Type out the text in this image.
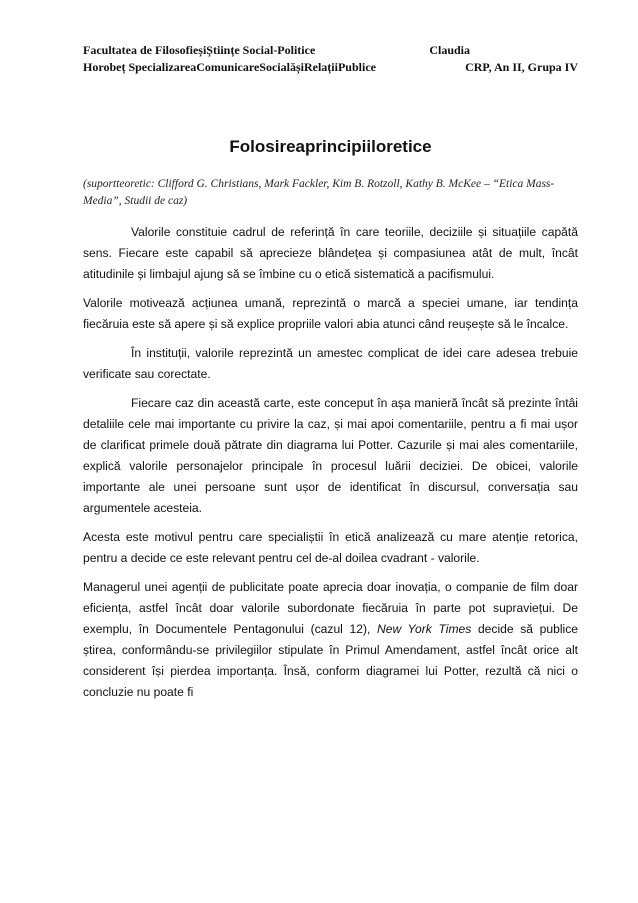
Facultatea de FilosofieșiȘtiințe Social-Politice	Claudia
Horobeț SpecializareaComunicareSocialășiRelațiiPublice	CRP, An II, Grupa IV
Folosireaprincipiiloretice
(suportteoretic: Clifford G. Christians, Mark Fackler, Kim B. Rotzoll, Kathy B. McKee – “Etica Mass-Media”, Studii de caz)

Valorile constituie cadrul de referință în care teoriile, deciziile și situațiile capătă sens. Fiecare este capabil să aprecieze blândețea și compasiunea atât de mult, încât atitudinile și limbajul ajung să se îmbine cu o etică sistematică a pacifismului.

Valorile motivează acțiunea umană, reprezintă o marcă a speciei umane, iar tendința fiecăruia este să apere și să explice propriile valori abia atunci când reușește să le încalce.

În instituții, valorile reprezintă un amestec complicat de idei care adesea trebuie verificate sau corectate.

Fiecare caz din această carte, este conceput în așa manieră încât să prezinte întâi detaliile cele mai importante cu privire la caz, și mai apoi comentariile, pentru a fi mai ușor de clarificat primele două pătrate din diagrama lui Potter. Cazurile și mai ales comentariile, explică valorile personajelor principale în procesul luării deciziei. De obicei, valorile importante ale unei persoane sunt ușor de identificat în discursul, conversația sau argumentele acesteia.

Acesta este motivul pentru care specialiștii în etică analizează cu mare atenție retorica, pentru a decide ce este relevant pentru cel de-al doilea cvadrant - valorile.

Managerul unei agenții de publicitate poate aprecia doar inovația, o companie de film doar eficiența, astfel încât doar valorile subordonate fiecăruia în parte pot supraviețui. De exemplu, în Documentele Pentagonului (cazul 12), New York Times decide să publice știrea, conformându-se privilegiilor stipulate în Primul Amendament, astfel încât orice alt considerent își pierdea importanța. Însă, conform diagramei lui Potter, rezultă că nici o concluzie nu poate fi
